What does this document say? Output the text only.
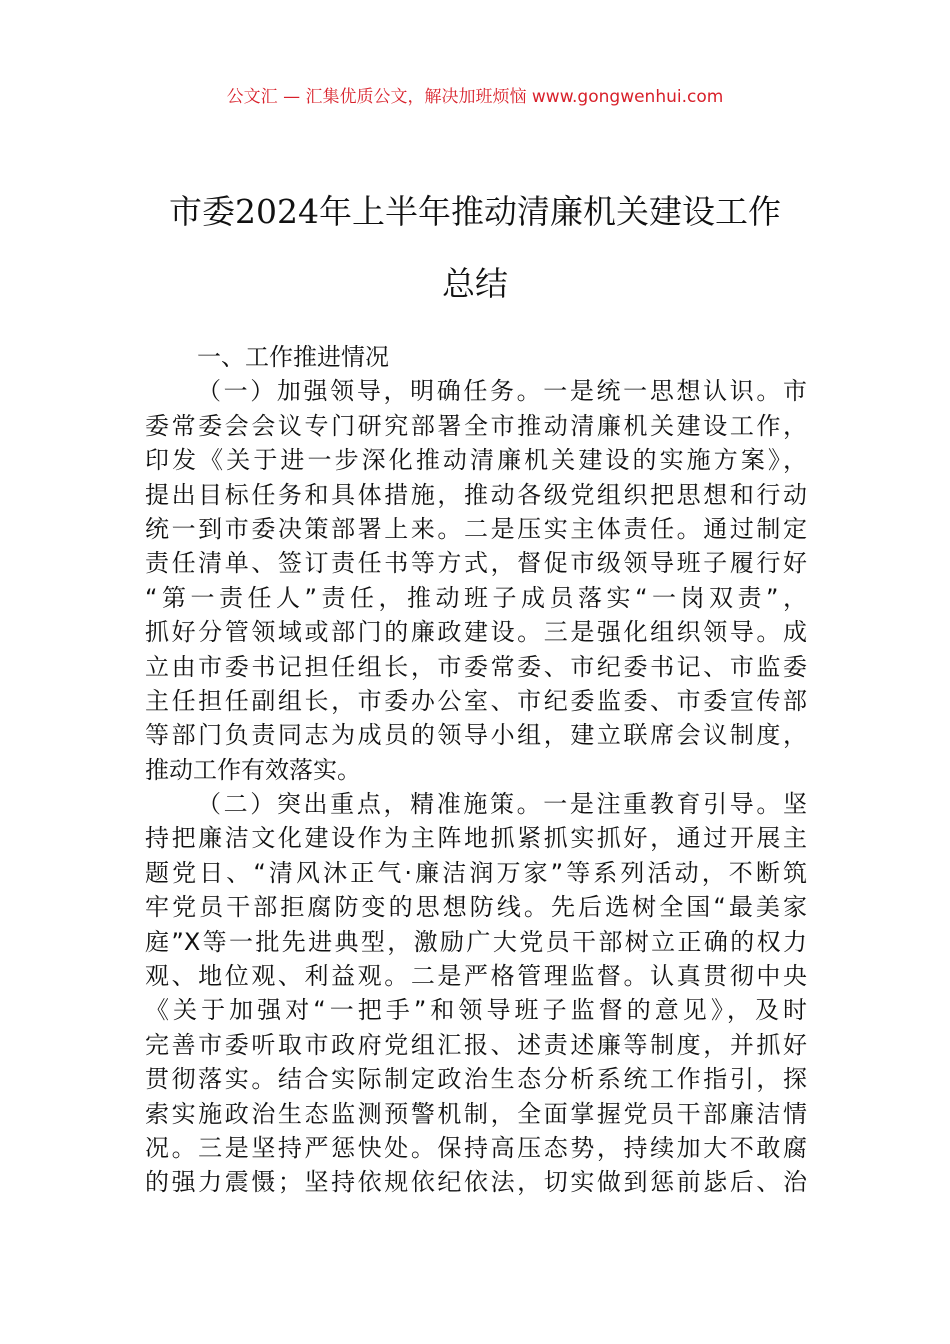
公文汇 — 汇集优质公文，解决加班烦恼 www.gongwenhui.com
市委2024年上半年推动清廉机关建设工作
总结
一、工作推进情况
（一）加强领导，明确任务。一是统一思想认识。市
委常委会会议专门研究部署全市推动清廉机关建设工作，
印发《关于进一步深化推动清廉机关建设的实施方案》，
提出目标任务和具体措施，推动各级党组织把思想和行动
统一到市委决策部署上来。二是压实主体责任。通过制定
责任清单、签订责任书等方式，督促市级领导班子履行好
“第一责任人”责任，推动班子成员落实“一岗双责”，
抓好分管领域或部门的廉政建设。三是强化组织领导。成
立由市委书记担任组长，市委常委、市纪委书记、市监委
主任担任副组长，市委办公室、市纪委监委、市委宣传部
等部门负责同志为成员的领导小组，建立联席会议制度，
推动工作有效落实。
（二）突出重点，精准施策。一是注重教育引导。坚
持把廉洁文化建设作为主阵地抓紧抓实抓好，通过开展主
题党日、“清风沐正气·廉洁润万家”等系列活动，不断筑
牢党员干部拒腐防变的思想防线。先后选树全国“最美家
庭”X等一批先进典型，激励广大党员干部树立正确的权力
观、地位观、利益观。二是严格管理监督。认真贯彻中央
《关于加强对“一把手”和领导班子监督的意见》，及时
完善市委听取市政府党组汇报、述责述廉等制度，并抓好
贯彻落实。结合实际制定政治生态分析系统工作指引，探
索实施政治生态监测预警机制，全面掌握党员干部廉洁情
况。三是坚持严惩快处。保持高压态势，持续加大不敢腐
的强力震慑；坚持依规依纪依法，切实做到惩前毖后、治
